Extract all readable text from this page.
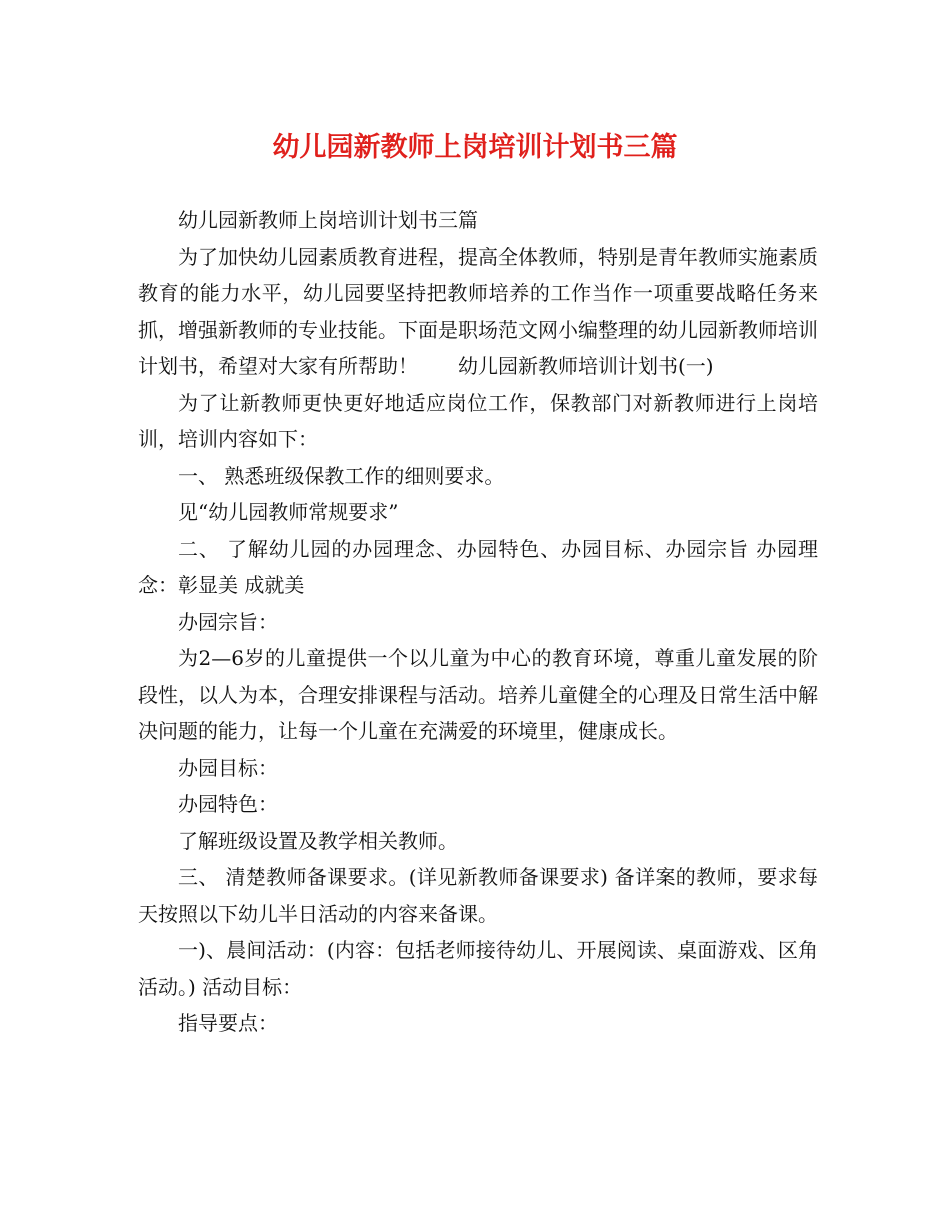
幼儿园新教师上岗培训计划书三篇

幼儿园新教师上岗培训计划书三篇

为了加快幼儿园素质教育进程，提高全体教师，特别是青年教师实施素质教育的能力水平，幼儿园要坚持把教师培养的工作当作一项重要战略任务来抓，增强新教师的专业技能。下面是职场范文网小编整理的幼儿园新教师培训计划书，希望对大家有所帮助！　　幼儿园新教师培训计划书(一)

为了让新教师更快更好地适应岗位工作，保教部门对新教师进行上岗培训，培训内容如下：

一、 熟悉班级保教工作的细则要求。

见“幼儿园教师常规要求”

二、 了解幼儿园的办园理念、办园特色、办园目标、办园宗旨 办园理念：彰显美 成就美

办园宗旨：

为2—6岁的儿童提供一个以儿童为中心的教育环境，尊重儿童发展的阶段性，以人为本，合理安排课程与活动。培养儿童健全的心理及日常生活中解决问题的能力，让每一个儿童在充满爱的环境里，健康成长。

办园目标：

办园特色：

了解班级设置及教学相关教师。

三、 清楚教师备课要求。(详见新教师备课要求) 备详案的教师，要求每天按照以下幼儿半日活动的内容来备课。

一)、晨间活动：(内容：包括老师接待幼儿、开展阅读、桌面游戏、区角活动。) 活动目标：

指导要点：
